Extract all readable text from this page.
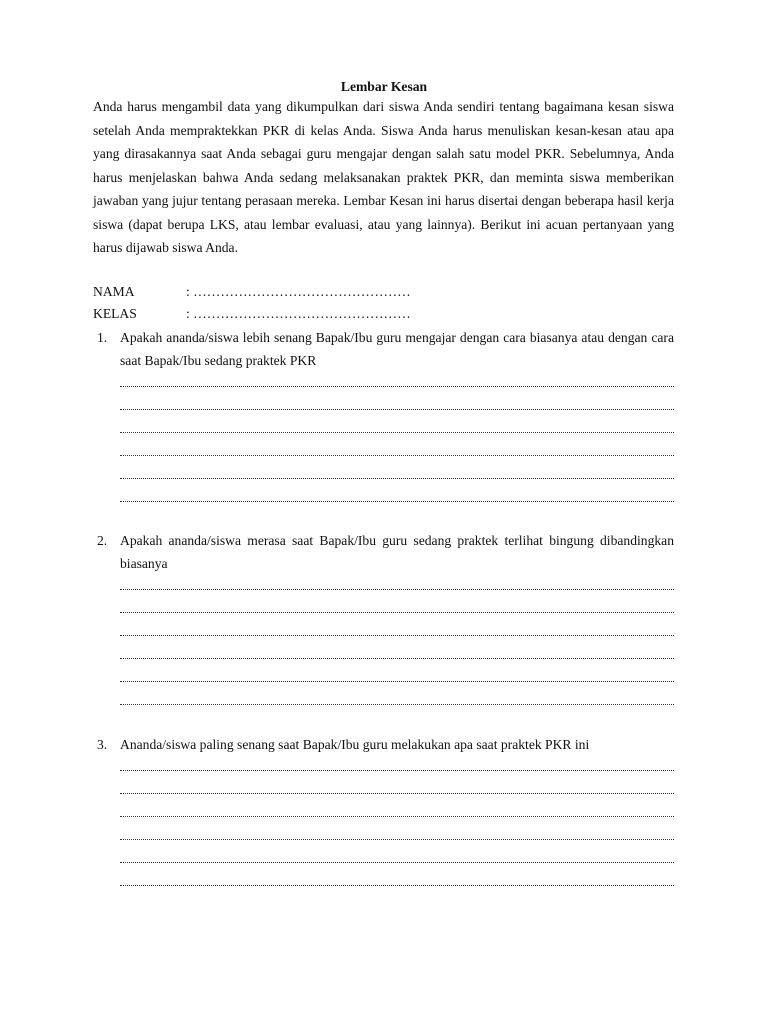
Lembar Kesan

Anda harus mengambil data yang dikumpulkan dari siswa Anda sendiri tentang bagaimana kesan siswa setelah Anda mempraktekkan PKR di kelas Anda. Siswa Anda harus menuliskan kesan-kesan atau apa yang dirasakannya saat Anda sebagai guru mengajar dengan salah satu model PKR. Sebelumnya, Anda harus menjelaskan bahwa Anda sedang melaksanakan praktek PKR, dan meminta siswa memberikan jawaban yang jujur tentang perasaan mereka. Lembar Kesan ini harus disertai dengan beberapa hasil kerja siswa (dapat berupa LKS, atau lembar evaluasi, atau yang lainnya). Berikut ini acuan pertanyaan yang harus dijawab siswa Anda.

NAMA	: …………………………………………
KELAS	: …………………………………………
1. Apakah ananda/siswa lebih senang Bapak/Ibu guru mengajar dengan cara biasanya atau dengan cara saat Bapak/Ibu sedang praktek PKR
2. Apakah ananda/siswa merasa saat Bapak/Ibu guru sedang praktek terlihat bingung dibandingkan biasanya
3. Ananda/siswa paling senang saat Bapak/Ibu guru melakukan apa saat praktek PKR ini
